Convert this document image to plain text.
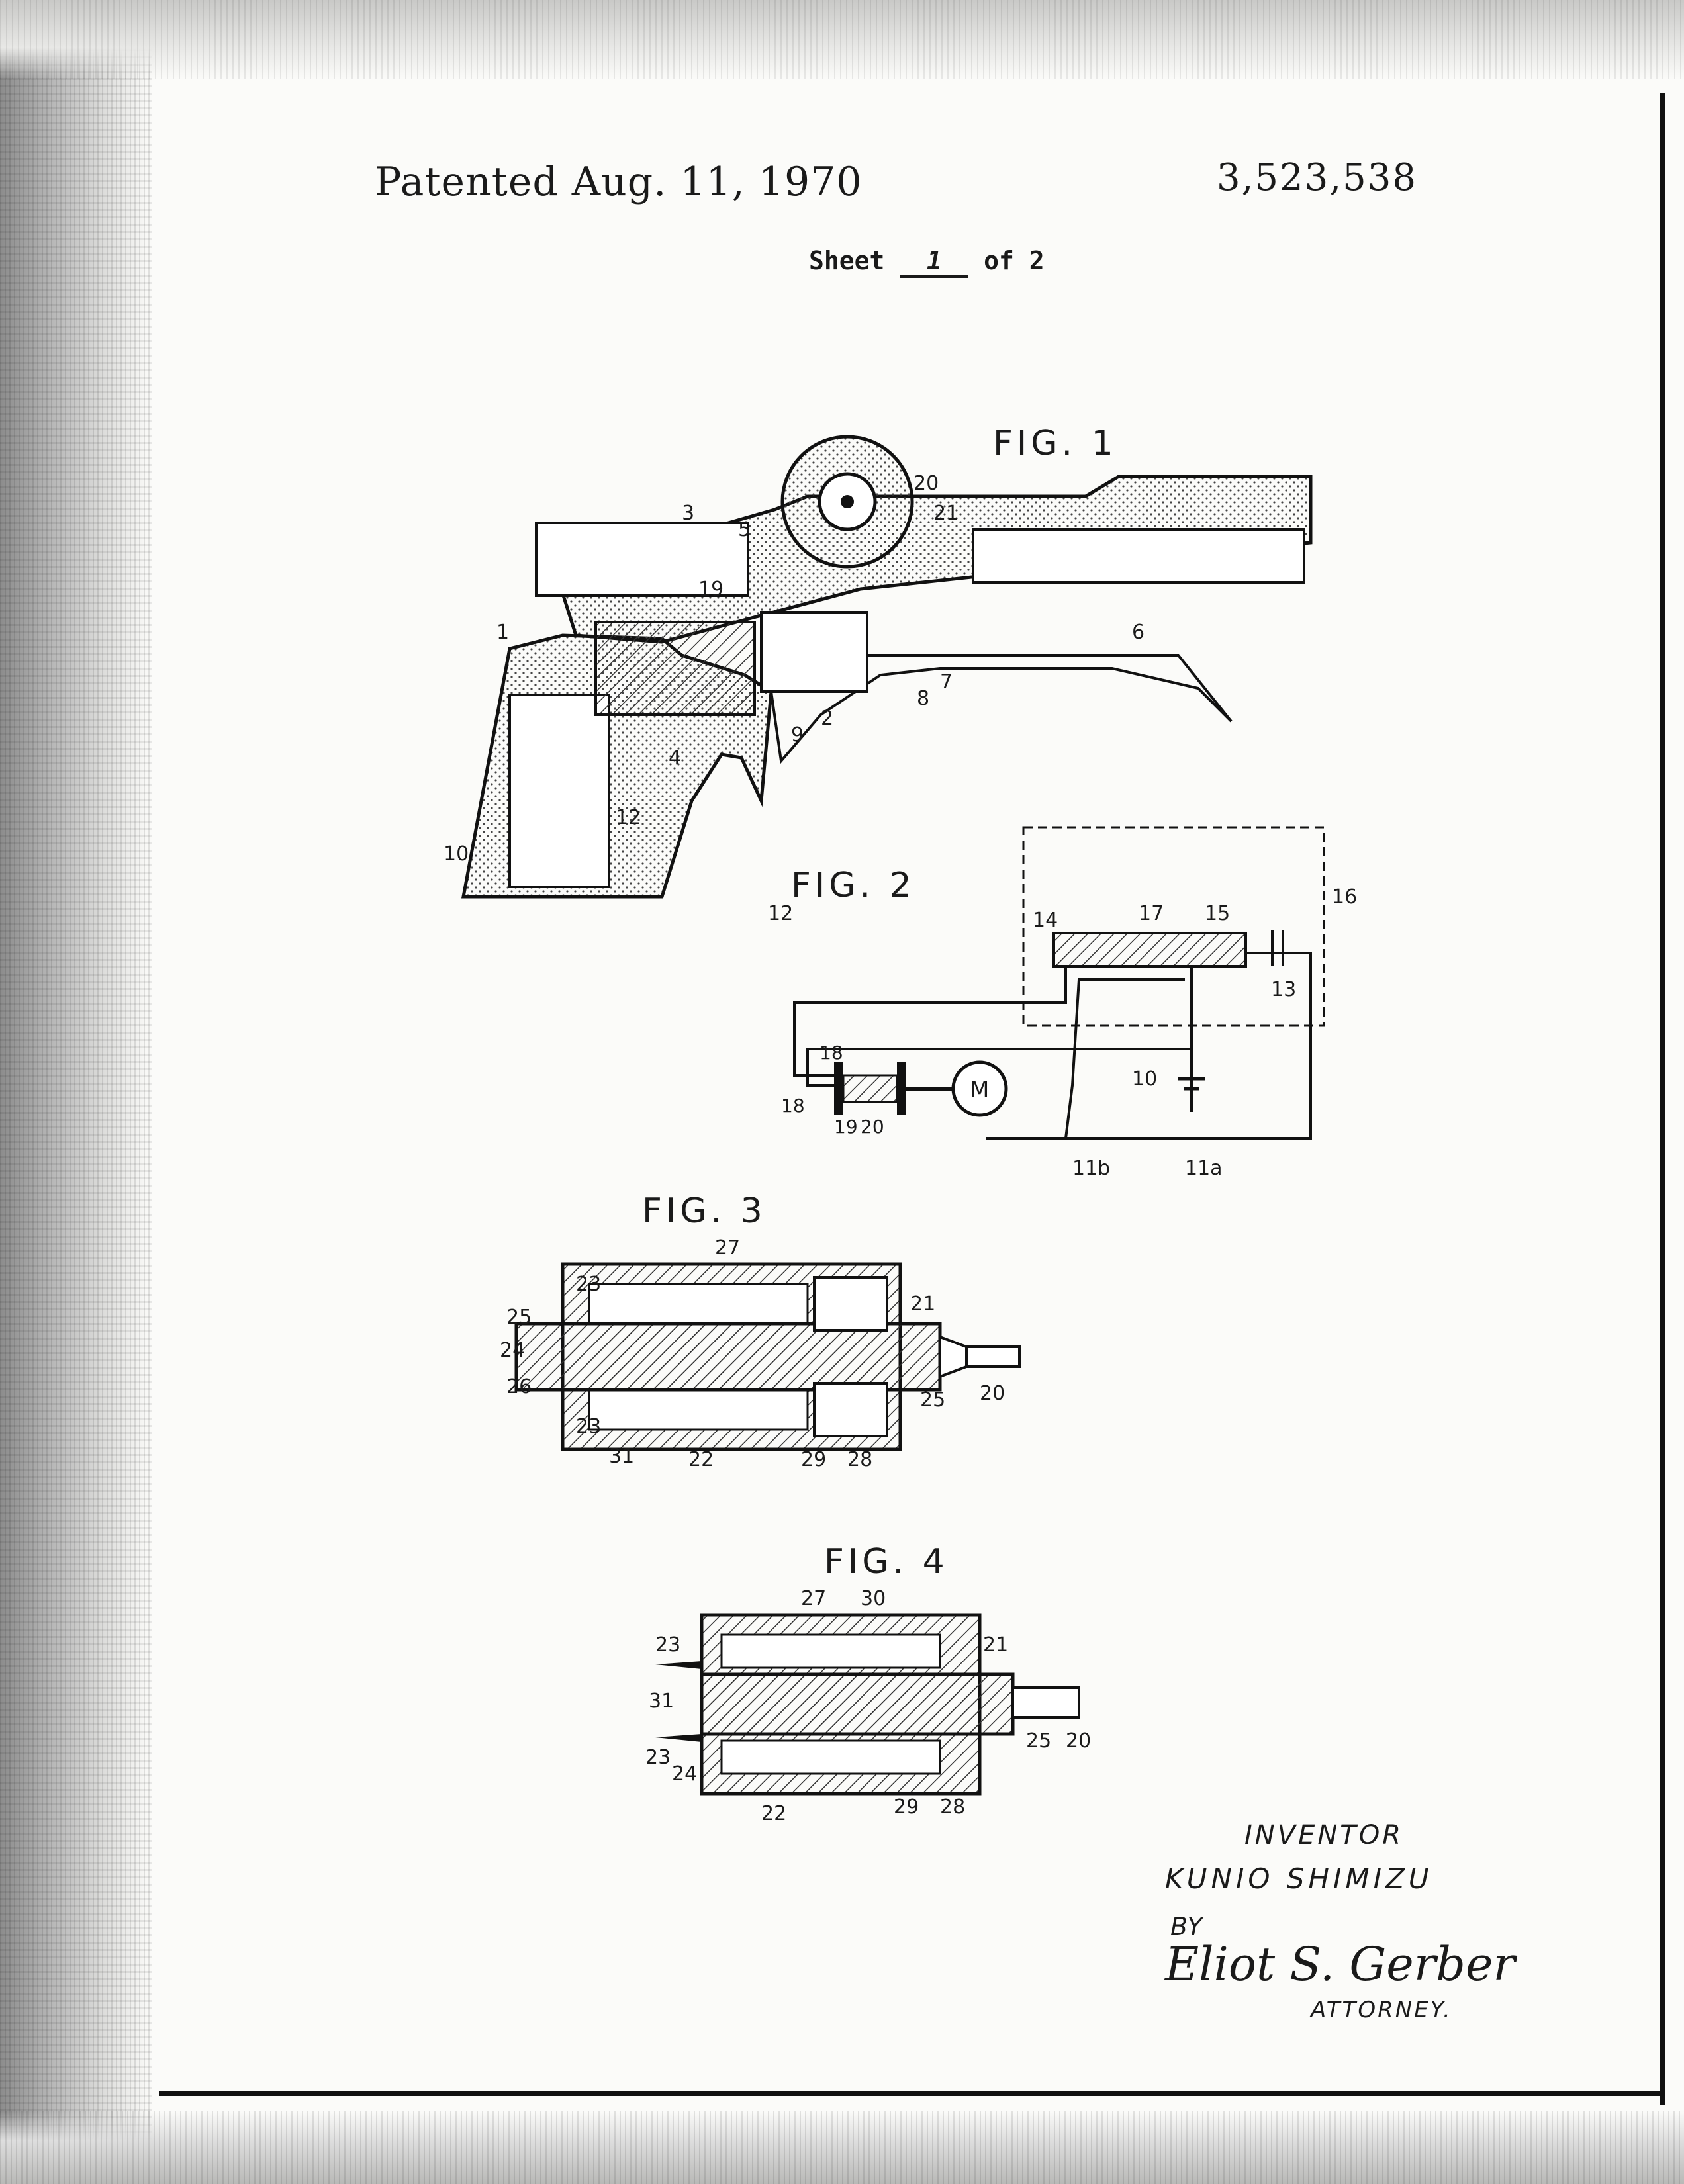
Patented Aug. 11, 1970	3,523,538
Sheet 1 of 2
FIG. 1
5
3
19
20
21
1
2
4
6
7
8
9
10
12
FIG. 2
M
12	14	17 15
16
13
18
18
19 20
10
11b	11a
FIG. 3
27
23
21
25
24
26
25 20
23
31	22	29 28
FIG. 4
27 30
23	21
31
25 20
23
24
22	29 28
INVENTOR
KUNIO SHIMIZU
BY
Eliot S. Gerber
ATTORNEY.
